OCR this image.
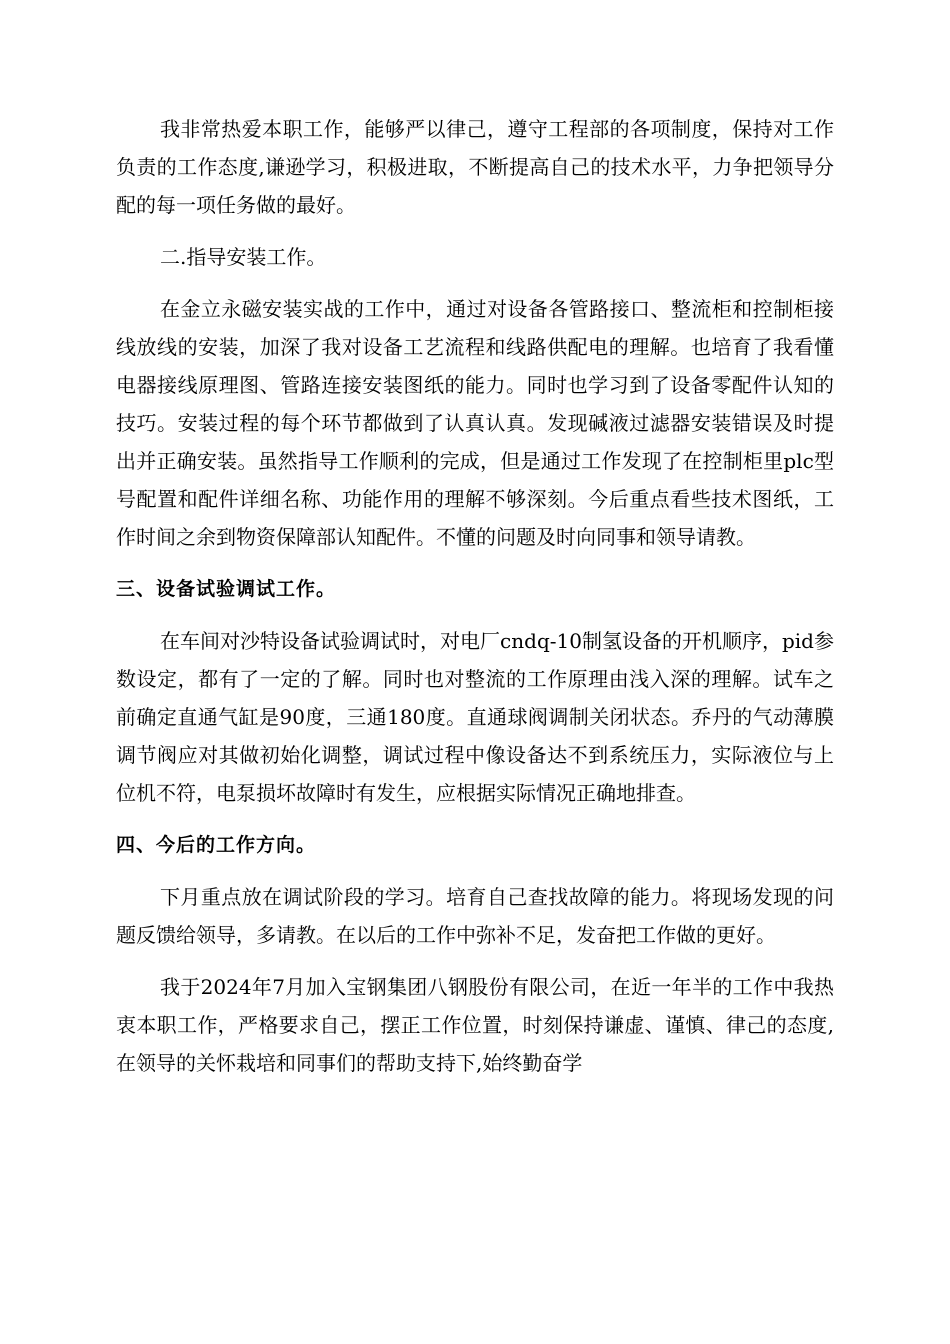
我非常热爱本职工作，能够严以律己，遵守工程部的各项制度，保持对工作负责的工作态度,谦逊学习，积极进取，不断提高自己的技术水平，力争把领导分配的每一项任务做的最好。

二.指导安装工作。

在金立永磁安装实战的工作中，通过对设备各管路接口、整流柜和控制柜接线放线的安装，加深了我对设备工艺流程和线路供配电的理解。也培育了我看懂电器接线原理图、管路连接安装图纸的能力。同时也学习到了设备零配件认知的技巧。安装过程的每个环节都做到了认真认真。发现碱液过滤器安装错误及时提出并正确安装。虽然指导工作顺利的完成，但是通过工作发现了在控制柜里plc型号配置和配件详细名称、功能作用的理解不够深刻。今后重点看些技术图纸，工作时间之余到物资保障部认知配件。不懂的问题及时向同事和领导请教。

三、设备试验调试工作。

在车间对沙特设备试验调试时，对电厂cndq-10制氢设备的开机顺序，pid参数设定，都有了一定的了解。同时也对整流的工作原理由浅入深的理解。试车之前确定直通气缸是90度，三通180度。直通球阀调制关闭状态。乔丹的气动薄膜调节阀应对其做初始化调整，调试过程中像设备达不到系统压力，实际液位与上位机不符，电泵损坏故障时有发生，应根据实际情况正确地排查。

四、今后的工作方向。

下月重点放在调试阶段的学习。培育自己查找故障的能力。将现场发现的问题反馈给领导，多请教。在以后的工作中弥补不足，发奋把工作做的更好。

我于2024年7月加入宝钢集团八钢股份有限公司，在近一年半的工作中我热衷本职工作，严格要求自己，摆正工作位置，时刻保持谦虚、谨慎、律己的态度,在领导的关怀栽培和同事们的帮助支持下,始终勤奋学
